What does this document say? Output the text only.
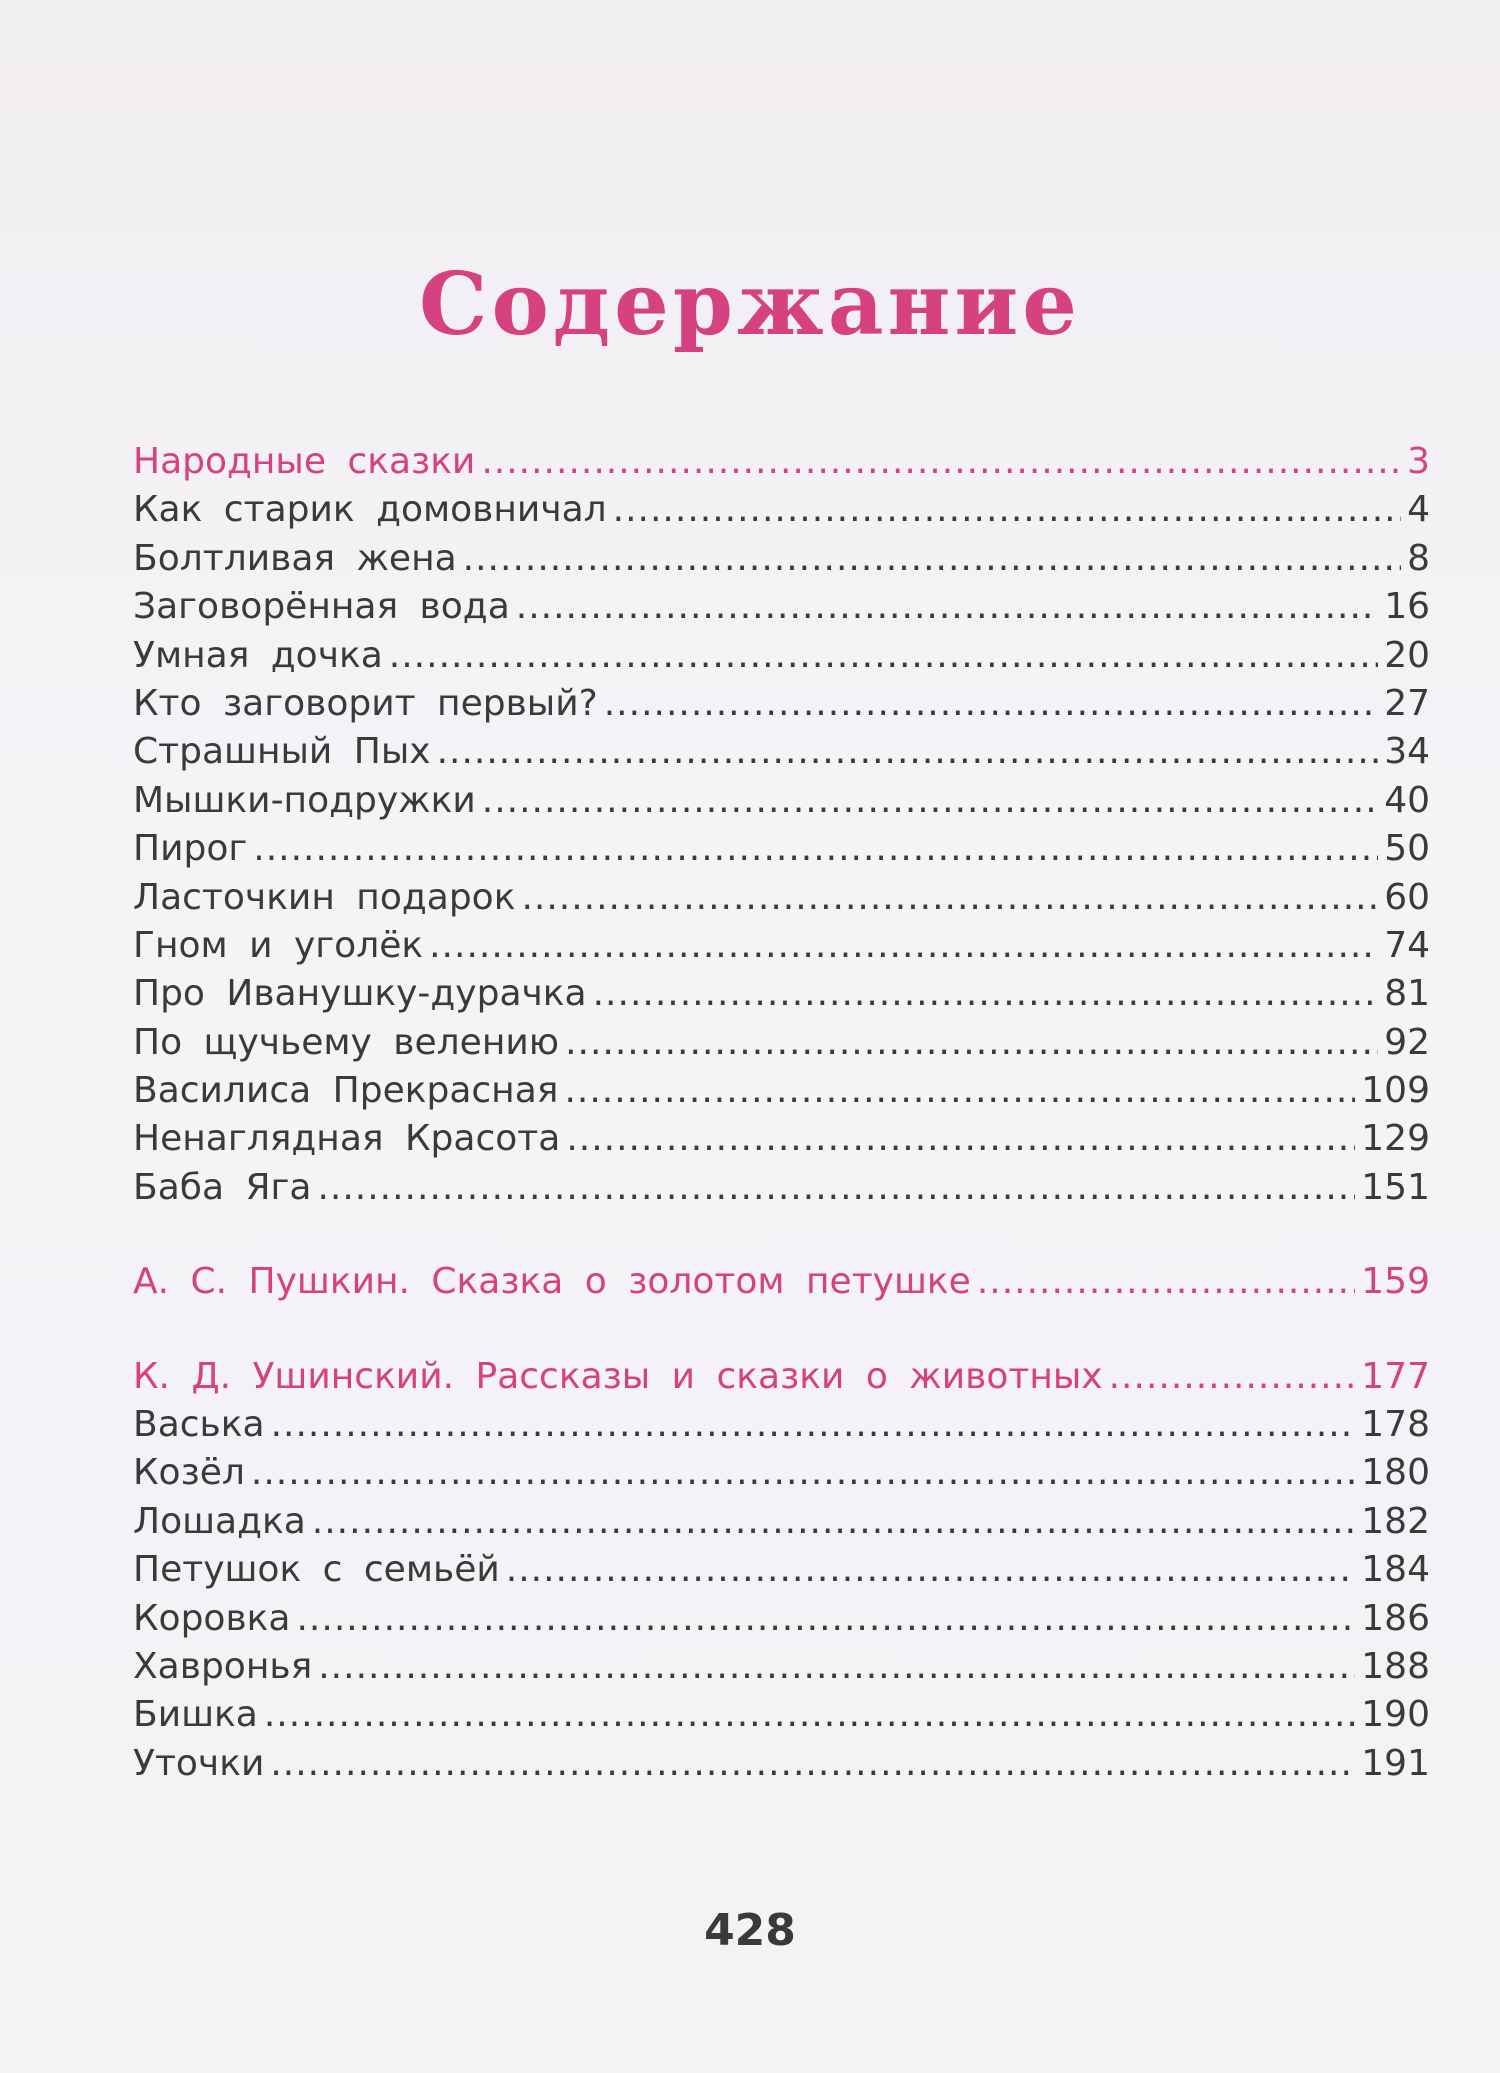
Содержание
Народные сказки .....	3
Как старик домовничал .....	4
Болтливая жена .....	8
Заговорённая вода .....	16
Умная дочка .....	20
Кто заговорит первый? .....	27
Страшный Пых .....	34
Мышки-подружки .....	40
Пирог .....	50
Ласточкин подарок .....	60
Гном и уголёк .....	74
Про Иванушку-дурачка .....	81
По щучьему велению .....	92
Василиса Прекрасная .....	109
Ненаглядная Красота .....	129
Баба Яга .....	151
А. С. Пушкин. Сказка о золотом петушке .....	159
К. Д. Ушинский. Рассказы и сказки о животных .....	177
Васька .....	178
Козёл .....	180
Лошадка .....	182
Петушок с семьёй .....	184
Коровка .....	186
Хавронья .....	188
Бишка .....	190
Уточки .....	191
428
